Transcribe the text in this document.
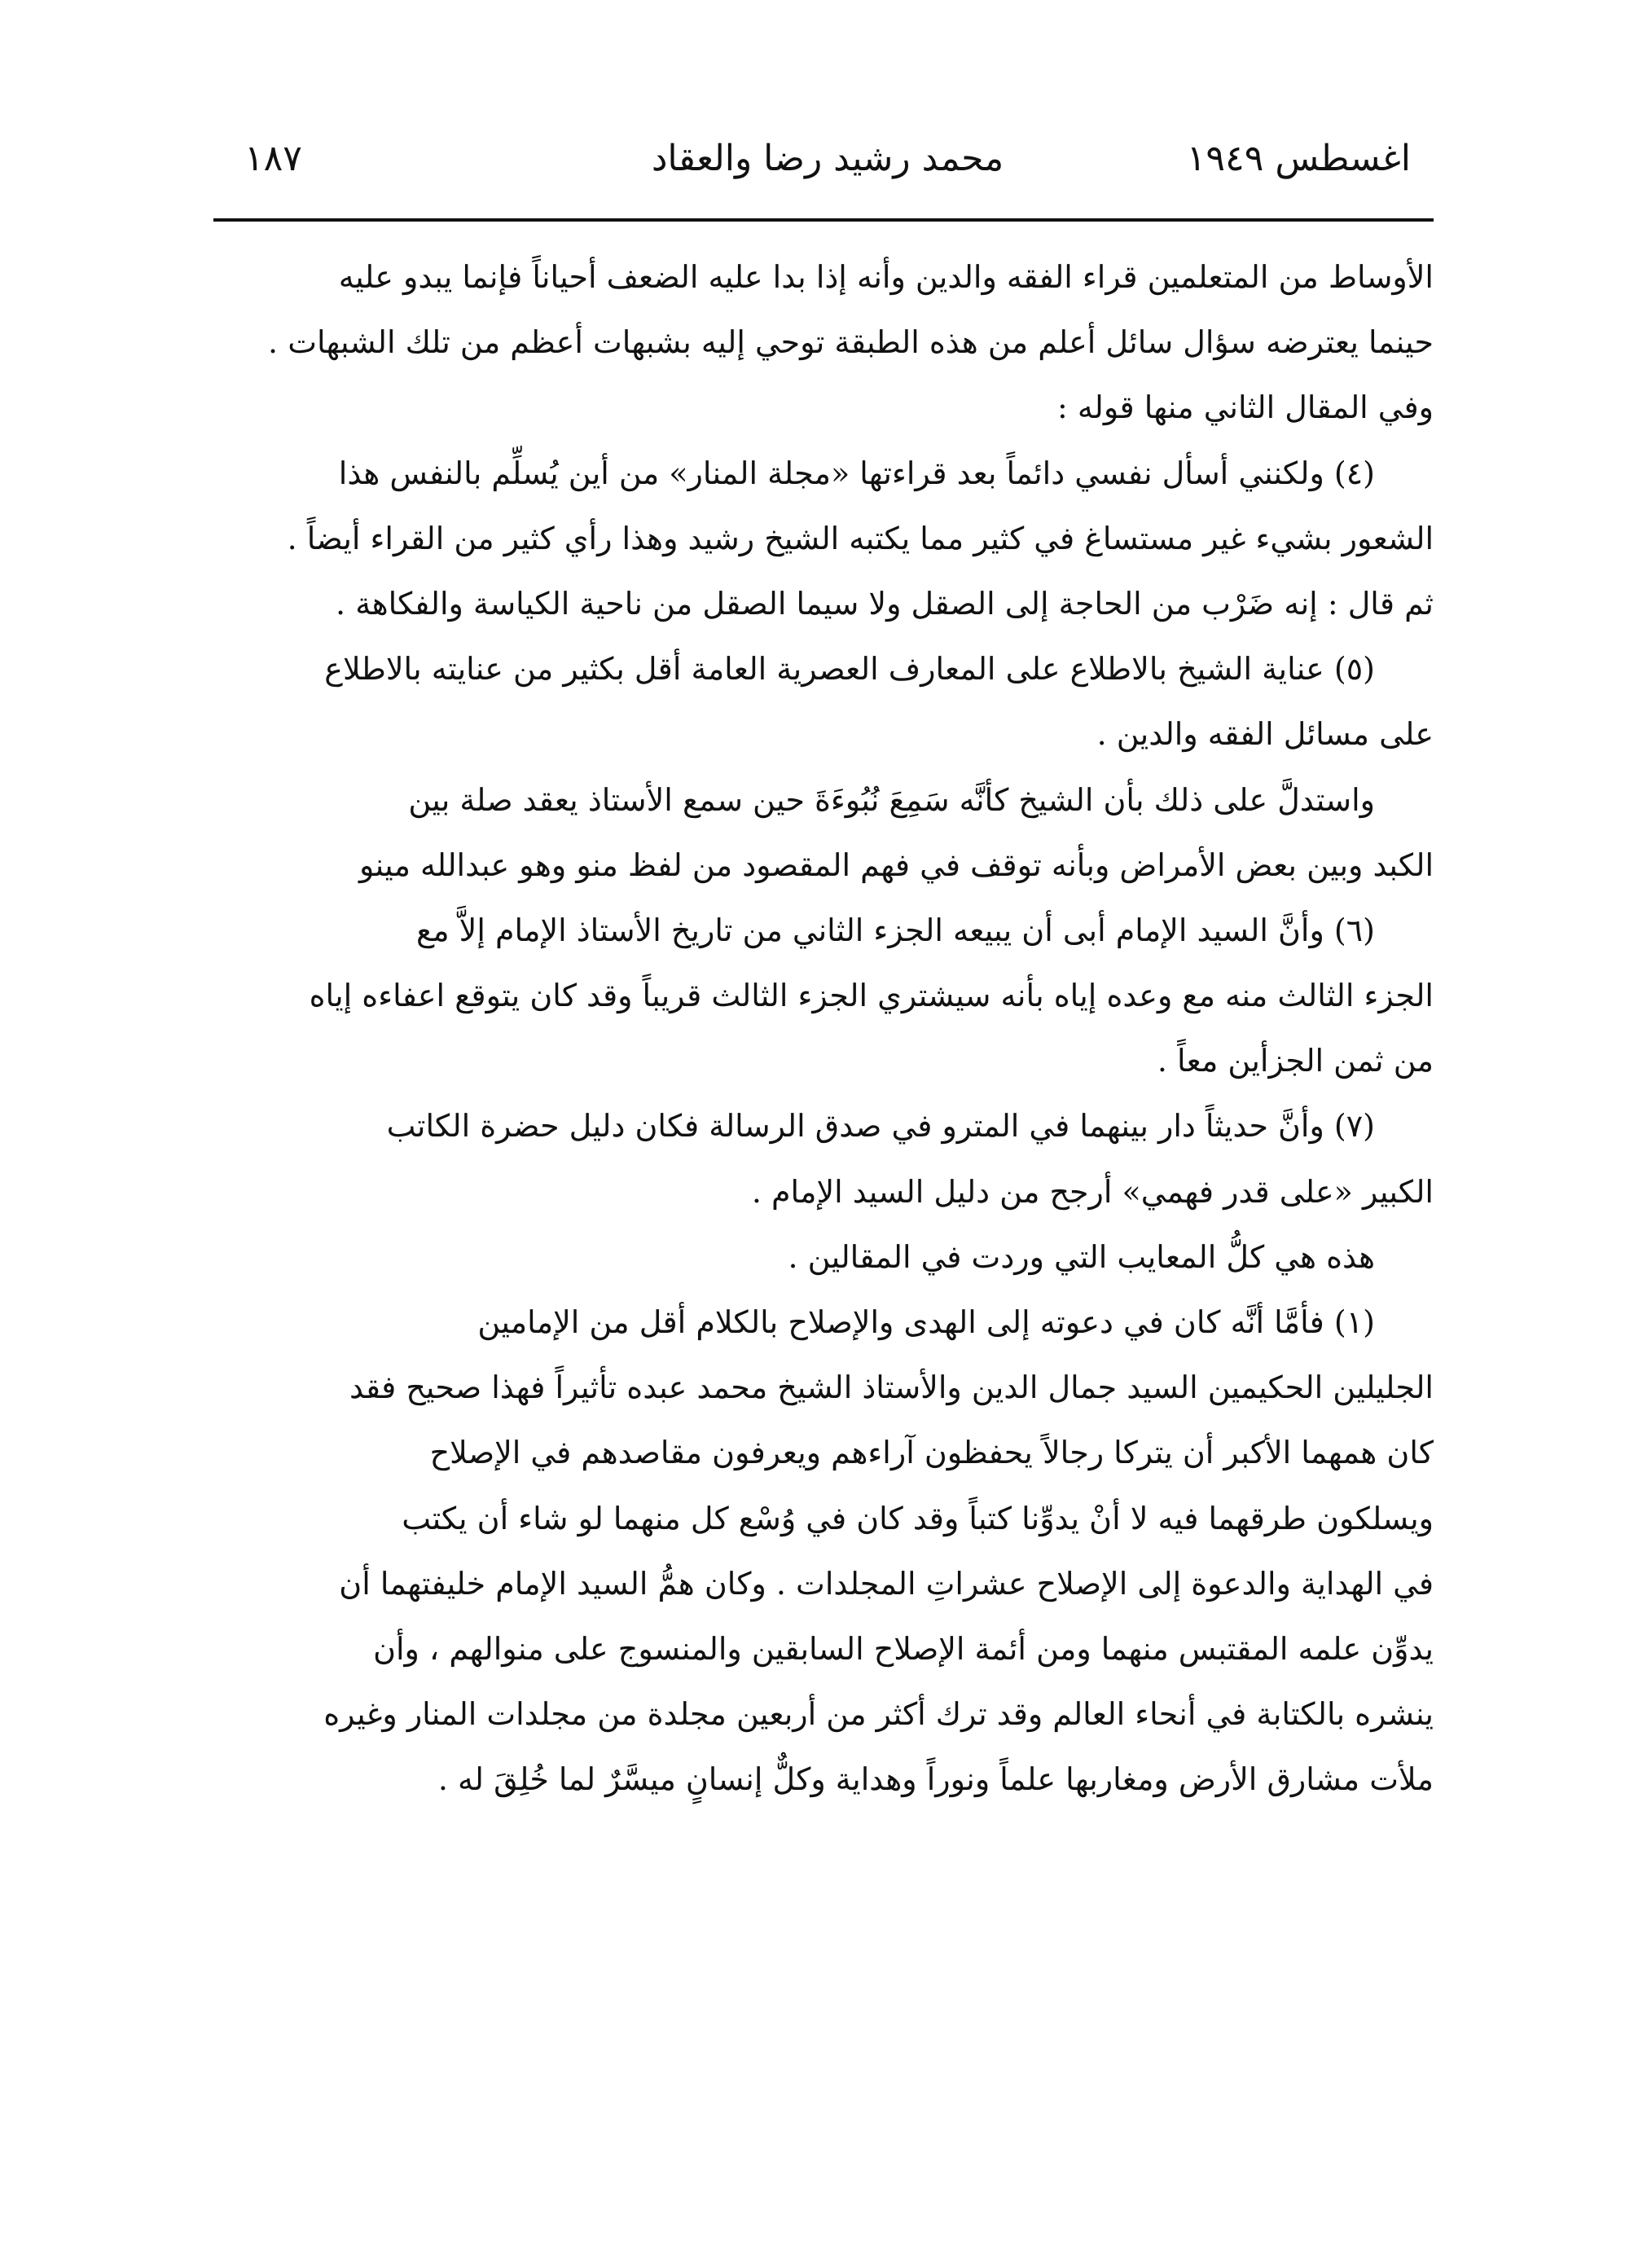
اغسطس ١٩٤٩
محمد رشيد رضا والعقاد
١٨٧
الأوساط من المتعلمين قراء الفقه والدين وأنه إذا بدا عليه الضعف أحياناً فإنما يبدو عليه
حينما يعترضه سؤال سائل أعلم من هذه الطبقة توحي إليه بشبهات أعظم من تلك الشبهات .
وفي المقال الثاني منها قوله :
(٤) ولكنني أسأل نفسي دائماً بعد قراءتها «مجلة المنار» من أين يُسلِّم بالنفس هذا
الشعور بشيء غير مستساغ في كثير مما يكتبه الشيخ رشيد وهذا رأي كثير من القراء أيضاً .
ثم قال : إنه ضَرْب من الحاجة إلى الصقل ولا سيما الصقل من ناحية الكياسة والفكاهة .
(٥) عناية الشيخ بالاطلاع على المعارف العصرية العامة أقل بكثير من عنايته بالاطلاع
على مسائل الفقه والدين .
واستدلَّ على ذلك بأن الشيخ كأنَّه سَمِعَ نُبُوءَةَ حين سمع الأستاذ يعقد صلة بين
الكبد وبين بعض الأمراض وبأنه توقف في فهم المقصود من لفظ منو وهو عبدالله مينو
(٦) وأنَّ السيد الإمام أبى أن يبيعه الجزء الثاني من تاريخ الأستاذ الإمام إلاَّ مع
الجزء الثالث منه مع وعده إياه بأنه سيشتري الجزء الثالث قريباً وقد كان يتوقع اعفاءه إياه
من ثمن الجزأين معاً .
(٧) وأنَّ حديثاً دار بينهما في المترو في صدق الرسالة فكان دليل حضرة الكاتب
الكبير «على قدر فهمي» أرجح من دليل السيد الإمام .
هذه هي كلُّ المعايب التي وردت في المقالين .
(١) فأمَّا أنَّه كان في دعوته إلى الهدى والإصلاح بالكلام أقل من الإمامين
الجليلين الحكيمين السيد جمال الدين والأستاذ الشيخ محمد عبده تأثيراً فهذا صحيح فقد
كان همهما الأكبر أن يتركا رجالاً يحفظون آراءهم ويعرفون مقاصدهم في الإصلاح
ويسلكون طرقهما فيه لا أنْ يدوِّنا كتباً وقد كان في وُسْع كل منهما لو شاء أن يكتب
في الهداية والدعوة إلى الإصلاح عشراتِ المجلدات . وكان همُّ السيد الإمام خليفتهما أن
يدوِّن علمه المقتبس منهما ومن أئمة الإصلاح السابقين والمنسوج على منوالهم ، وأن
ينشره بالكتابة في أنحاء العالم وقد ترك أكثر من أربعين مجلدة من مجلدات المنار وغيره
ملأت مشارق الأرض ومغاربها علماً ونوراً وهداية وكلٌّ إنسانٍ ميسَّرٌ لما خُلِقَ له .
